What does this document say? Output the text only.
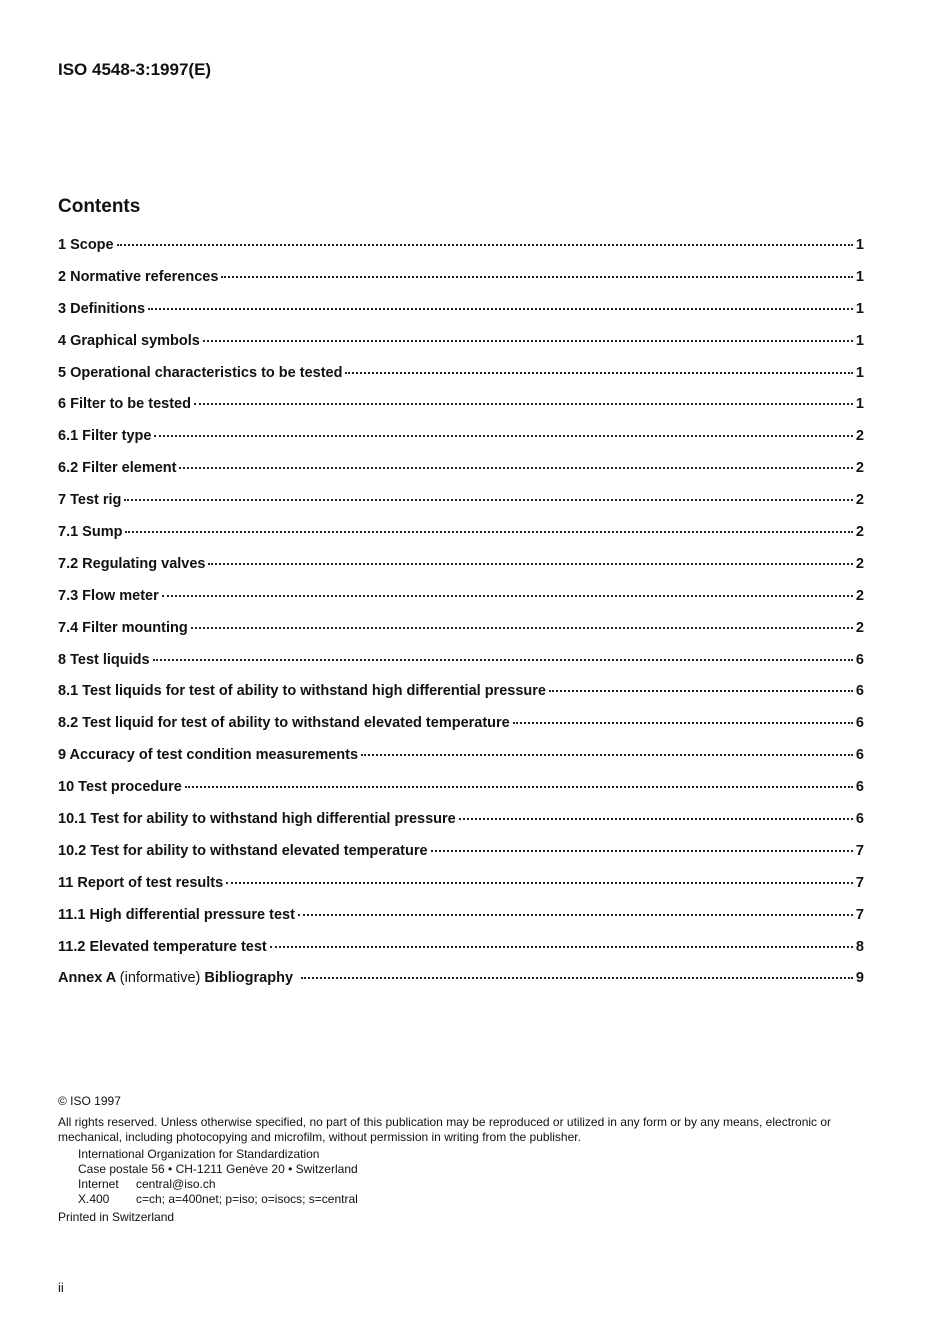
ISO 4548-3:1997(E)
Contents
1 Scope	1
2 Normative references	1
3 Definitions	1
4 Graphical symbols	1
5 Operational characteristics to be tested	1
6 Filter to be tested	1
6.1 Filter type	2
6.2 Filter element	2
7 Test rig	2
7.1 Sump	2
7.2 Regulating valves	2
7.3 Flow meter	2
7.4 Filter mounting	2
8 Test liquids	6
8.1 Test liquids for test of ability to withstand high differential pressure	6
8.2 Test liquid for test of ability to withstand elevated temperature	6
9 Accuracy of test condition measurements	6
10 Test procedure	6
10.1 Test for ability to withstand high differential pressure	6
10.2 Test for ability to withstand elevated temperature	7
11 Report of test results	7
11.1 High differential pressure test	7
11.2 Elevated temperature test	8
Annex A (informative) Bibliography	9
© ISO 1997
All rights reserved. Unless otherwise specified, no part of this publication may be reproduced or utilized in any form or by any means, electronic or mechanical, including photocopying and microfilm, without permission in writing from the publisher.
International Organization for Standardization
Case postale 56 • CH-1211 Genève 20 • Switzerland
Internet central@iso.ch
X.400 c=ch; a=400net; p=iso; o=isocs; s=central
Printed in Switzerland
ii
